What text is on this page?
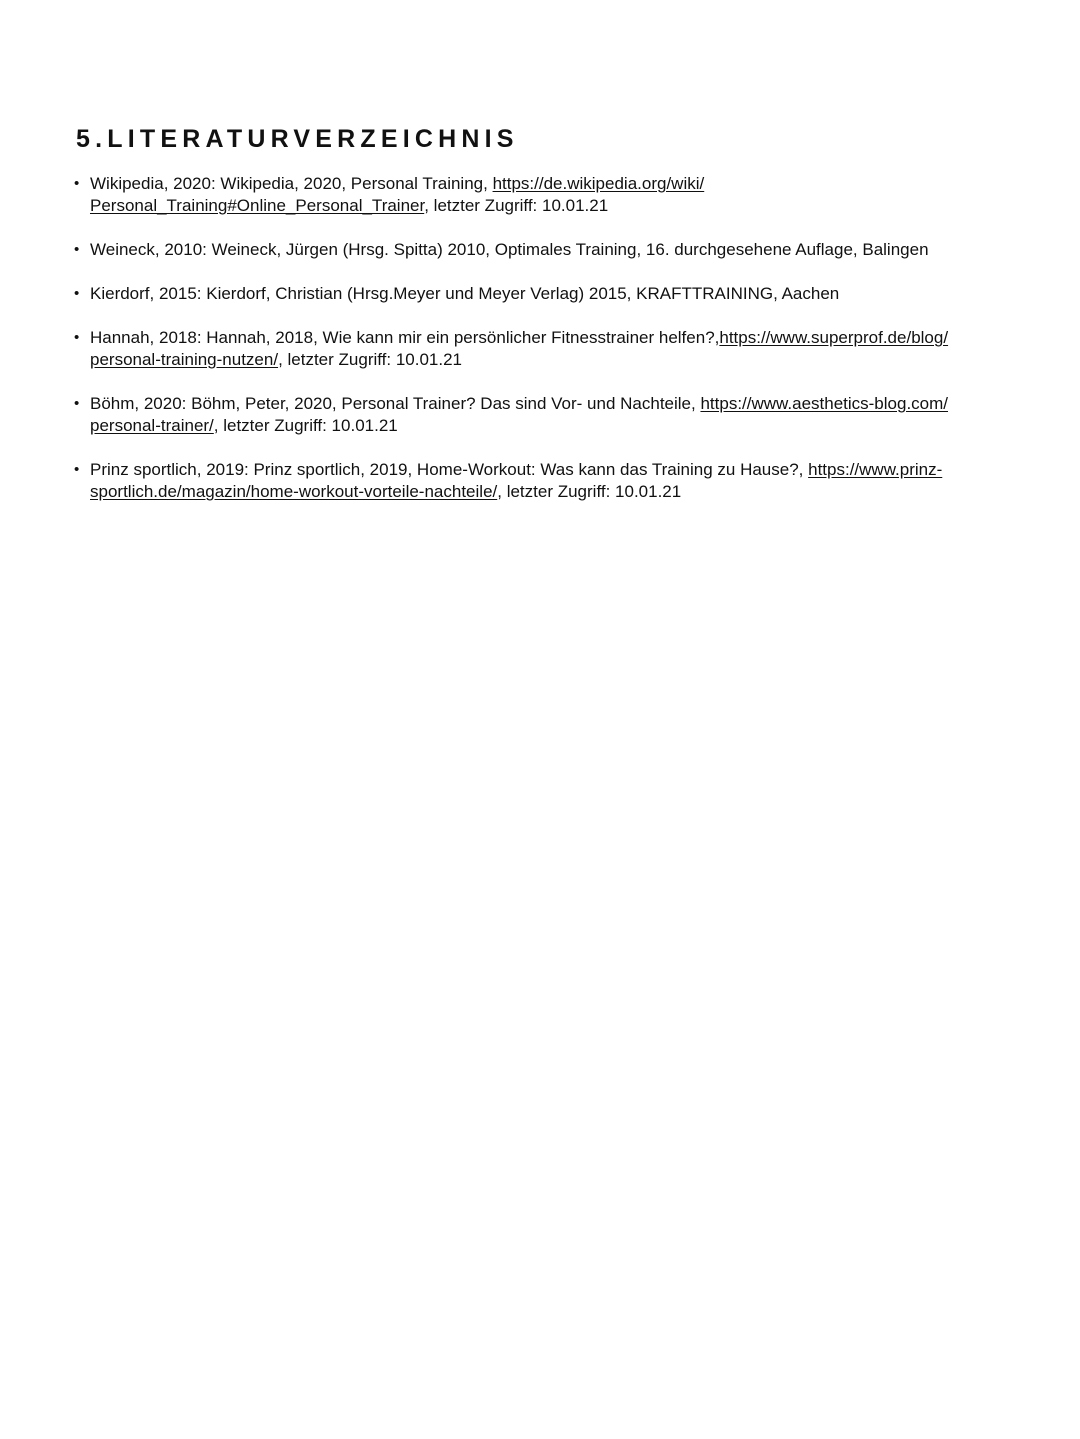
5.LITERATURVERZEICHNIS
• Wikipedia, 2020: Wikipedia, 2020, Personal Training, https://de.wikipedia.org/wiki/​Personal_Training#Online_Personal_Trainer, letzter Zugriff: 10.01.21
• Weineck, 2010: Weineck, Jürgen (Hrsg. Spitta) 2010, Optimales Training, 16. durchgesehene Auflage, Balingen
• Kierdorf, 2015: Kierdorf, Christian (Hrsg.Meyer und Meyer Verlag) 2015, KRAFTTRAINING, Aachen
• Hannah, 2018: Hannah, 2018, Wie kann mir ein persönlicher Fitnesstrainer helfen?,https://www.superprof.de/blog/​personal-training-nutzen/, letzter Zugriff: 10.01.21
• Böhm, 2020: Böhm, Peter, 2020, Personal Trainer? Das sind Vor- und Nachteile, https://www.aesthetics-blog.com/​personal-trainer/, letzter Zugriff: 10.01.21
• Prinz sportlich, 2019: Prinz sportlich, 2019, Home-Workout: Was kann das Training zu Hause?, https://www.prinz-​sportlich.de/magazin/home-workout-vorteile-nachteile/, letzter Zugriff: 10.01.21
